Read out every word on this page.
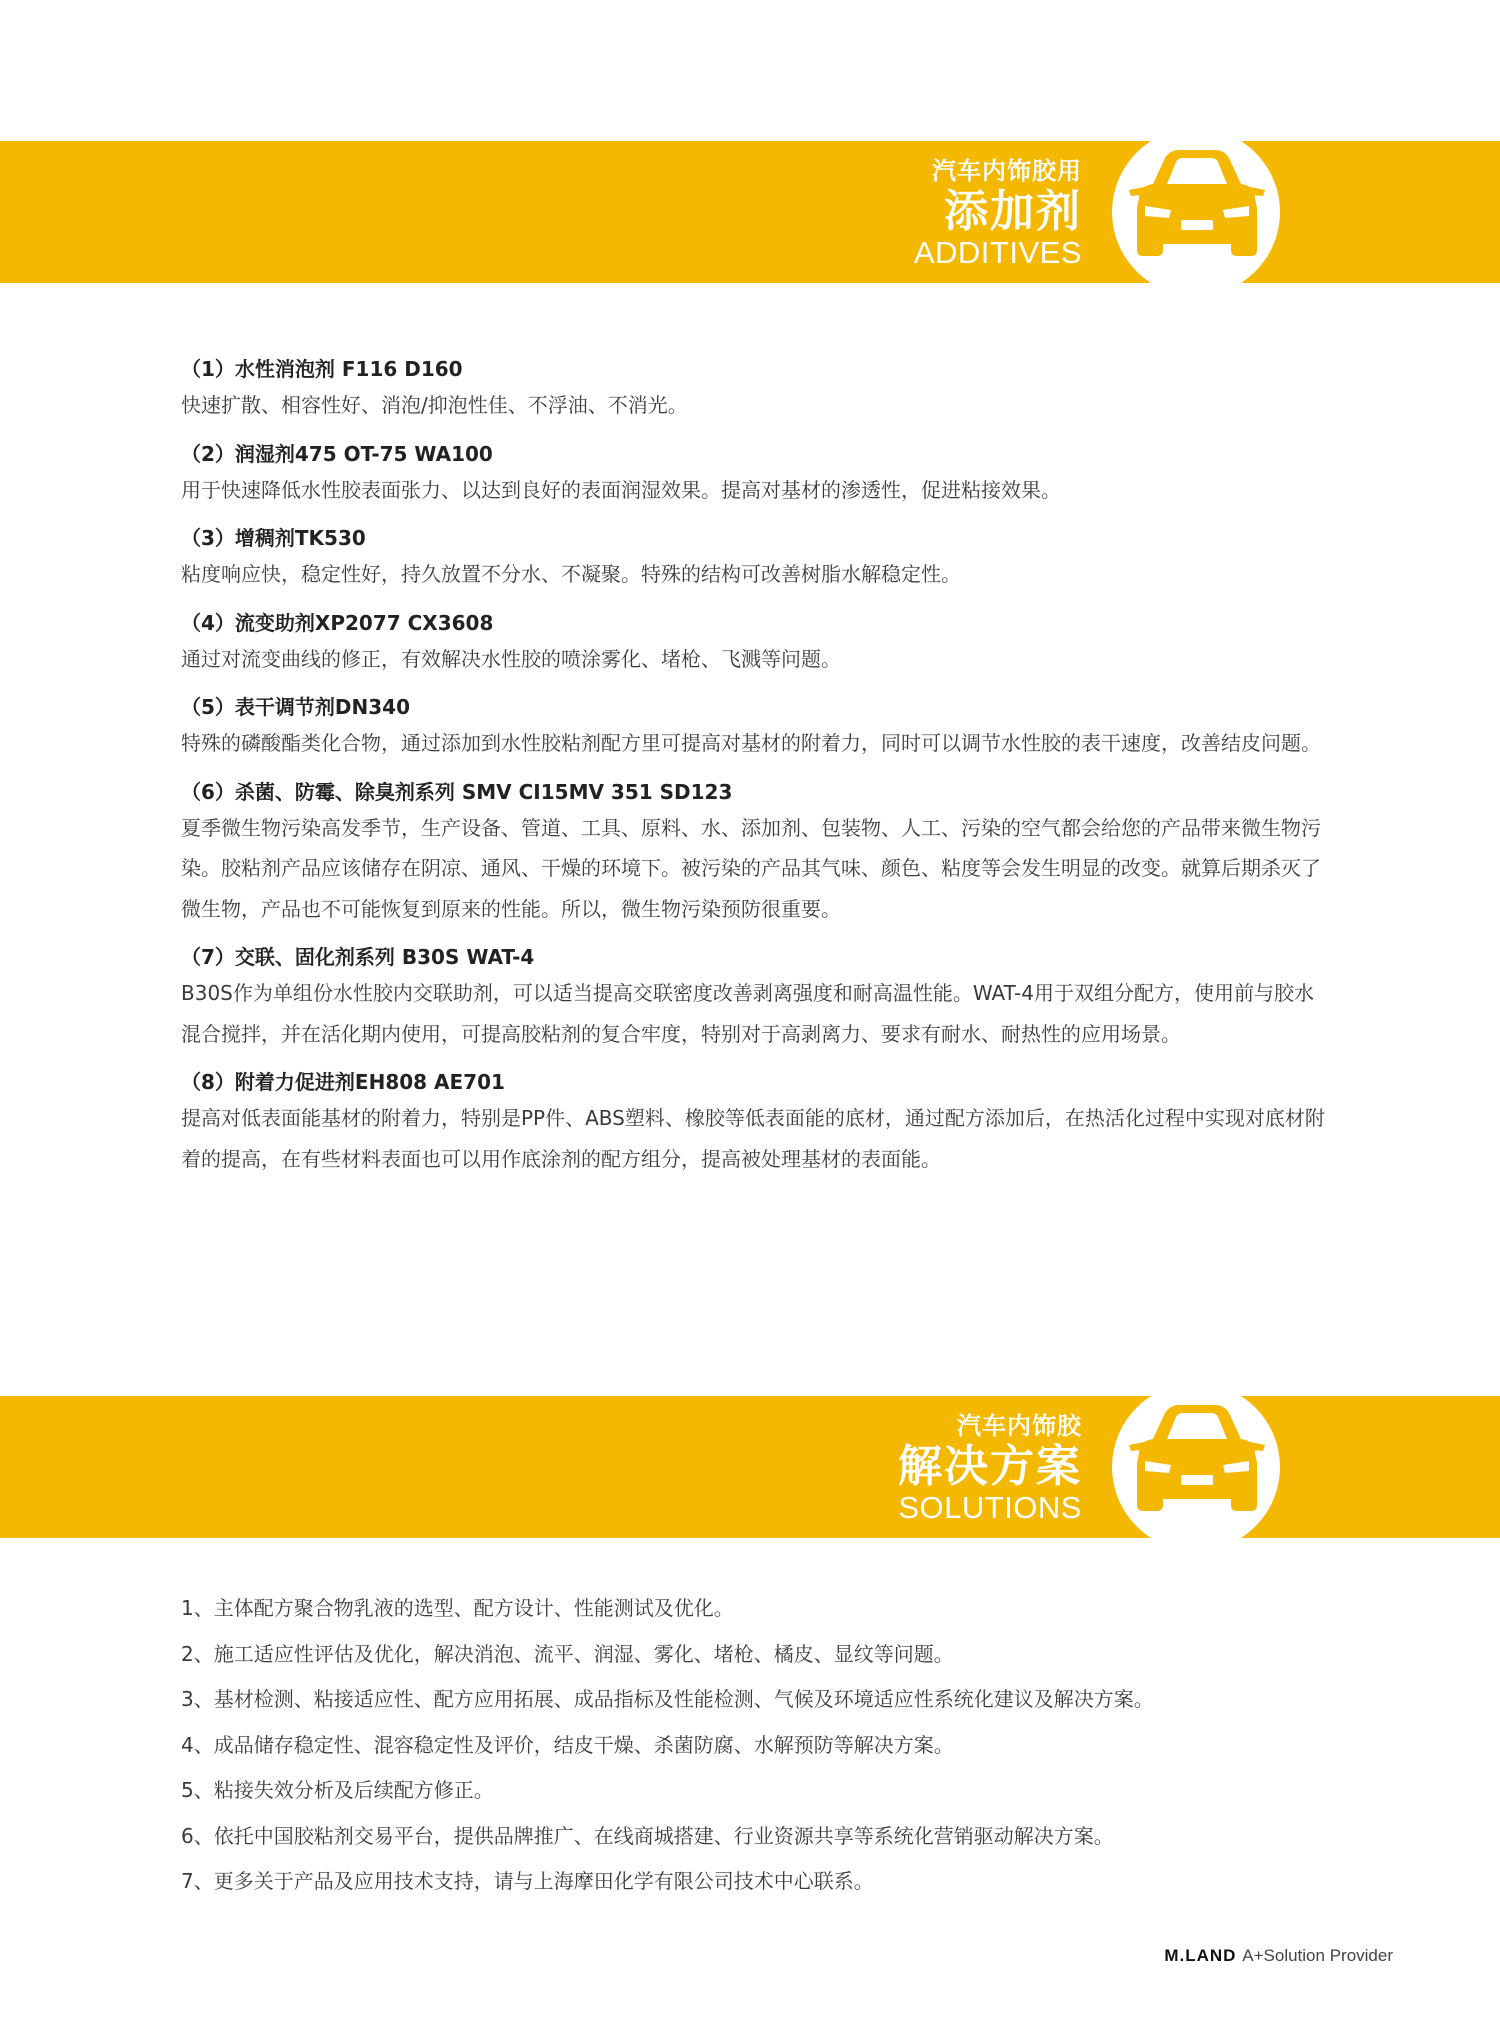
汽车内饰胶用
添加剂
ADDITIVES
（1）水性消泡剂 F116 D160
快速扩散、相容性好、消泡/抑泡性佳、不浮油、不消光。
（2）润湿剂475 OT-75 WA100
用于快速降低水性胶表面张力、以达到良好的表面润湿效果。提高对基材的渗透性，促进粘接效果。
（3）增稠剂TK530
粘度响应快，稳定性好，持久放置不分水、不凝聚。特殊的结构可改善树脂水解稳定性。
（4）流变助剂XP2077 CX3608
通过对流变曲线的修正，有效解决水性胶的喷涂雾化、堵枪、飞溅等问题。
（5）表干调节剂DN340
特殊的磷酸酯类化合物，通过添加到水性胶粘剂配方里可提高对基材的附着力，同时可以调节水性胶的表干速度，改善结皮问题。
（6）杀菌、防霉、除臭剂系列 SMV CI15MV 351 SD123
夏季微生物污染高发季节，生产设备、管道、工具、原料、水、添加剂、包装物、人工、污染的空气都会给您的产品带来微生物污染。胶粘剂产品应该储存在阴凉、通风、干燥的环境下。被污染的产品其气味、颜色、粘度等会发生明显的改变。就算后期杀灭了微生物，产品也不可能恢复到原来的性能。所以，微生物污染预防很重要。
（7）交联、固化剂系列 B30S WAT-4
B30S作为单组份水性胶内交联助剂，可以适当提高交联密度改善剥离强度和耐高温性能。WAT-4用于双组分配方，使用前与胶水混合搅拌，并在活化期内使用，可提高胶粘剂的复合牢度，特别对于高剥离力、要求有耐水、耐热性的应用场景。
（8）附着力促进剂EH808 AE701
提高对低表面能基材的附着力，特别是PP件、ABS塑料、橡胶等低表面能的底材，通过配方添加后，在热活化过程中实现对底材附着的提高，在有些材料表面也可以用作底涂剂的配方组分，提高被处理基材的表面能。
汽车内饰胶
解决方案
SOLUTIONS
1、主体配方聚合物乳液的选型、配方设计、性能测试及优化。
2、施工适应性评估及优化，解决消泡、流平、润湿、雾化、堵枪、橘皮、显纹等问题。
3、基材检测、粘接适应性、配方应用拓展、成品指标及性能检测、气候及环境适应性系统化建议及解决方案。
4、成品储存稳定性、混容稳定性及评价，结皮干燥、杀菌防腐、水解预防等解决方案。
5、粘接失效分析及后续配方修正。
6、依托中国胶粘剂交易平台，提供品牌推广、在线商城搭建、行业资源共享等系统化营销驱动解决方案。
7、更多关于产品及应用技术支持，请与上海摩田化学有限公司技术中心联系。
M.LAND A+Solution Provider
